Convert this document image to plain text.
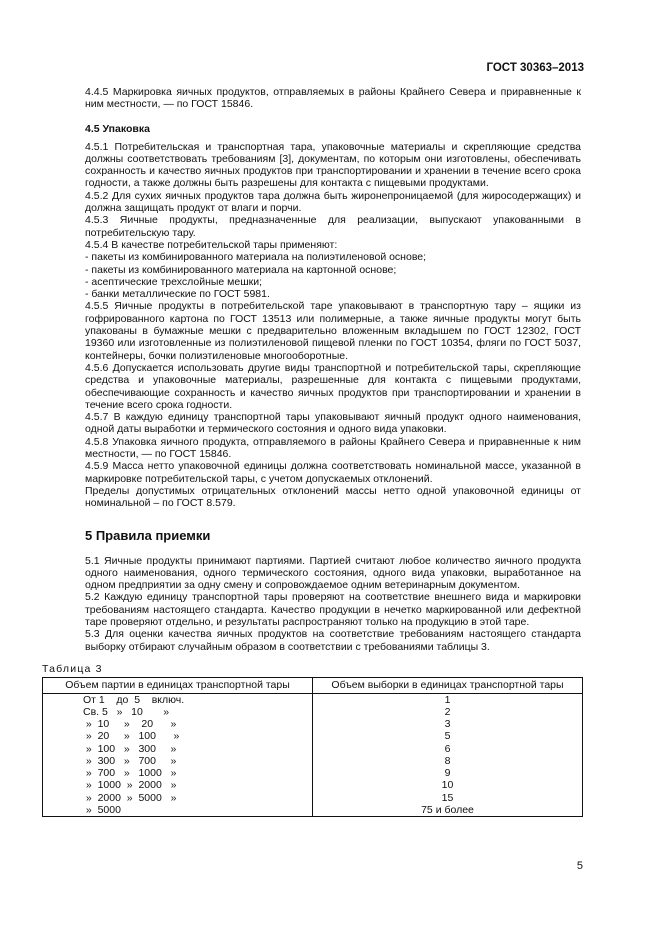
ГОСТ 30363–2013

4.4.5 Маркировка яичных продуктов, отправляемых в районы Крайнего Севера и приравненные к ним местности, — по ГОСТ 15846.

4.5 Упаковка

4.5.1 Потребительская и транспортная тара, упаковочные материалы и скрепляющие средства должны соответствовать требованиям [3], документам, по которым они изготовлены, обеспечивать сохранность и качество яичных продуктов при транспортировании и хранении в течение всего срока годности, а также должны быть разрешены для контакта с пищевыми продуктами.

4.5.2 Для сухих яичных продуктов тара должна быть жиронепроницаемой (для жиросодержащих) и должна защищать продукт от влаги и порчи.

4.5.3 Яичные продукты, предназначенные для реализации, выпускают упакованными в потребительскую тару.

4.5.4 В качестве потребительской тары применяют:

- пакеты из комбинированного материала на полиэтиленовой основе;

- пакеты из комбинированного материала на картонной основе;

- асептические трехслойные мешки;

- банки металлические по ГОСТ 5981.

4.5.5 Яичные продукты в потребительской таре упаковывают в транспортную тару – ящики из гофрированного картона по ГОСТ 13513 или полимерные, а также яичные продукты могут быть упакованы в бумажные мешки с предварительно вложенным вкладышем по ГОСТ 12302, ГОСТ 19360 или изготовленные из полиэтиленовой пищевой пленки по ГОСТ 10354, фляги по ГОСТ 5037, контейнеры, бочки полиэтиленовые многооборотные.

4.5.6 Допускается использовать другие виды транспортной и потребительской тары, скрепляющие средства и упаковочные материалы, разрешенные для контакта с пищевыми продуктами, обеспечивающие сохранность и качество яичных продуктов при транспортировании и хранении в течение всего срока годности.

4.5.7 В каждую единицу транспортной тары упаковывают яичный продукт одного наименования, одной даты выработки и термического состояния и одного вида упаковки.

4.5.8 Упаковка яичного продукта, отправляемого в районы Крайнего Севера и приравненные к ним местности, — по ГОСТ 15846.

4.5.9 Масса нетто упаковочной единицы должна соответствовать номинальной массе, указанной в маркировке потребительской тары, с учетом допускаемых отклонений.

Пределы допустимых отрицательных отклонений массы нетто одной упаковочной единицы от номинальной – по ГОСТ 8.579.

5 Правила приемки

5.1 Яичные продукты принимают партиями. Партией считают любое количество яичного продукта одного наименования, одного термического состояния, одного вида упаковки, выработанное на одном предприятии за одну смену и сопровождаемое одним ветеринарным документом.

5.2 Каждую единицу транспортной тары проверяют на соответствие внешнего вида и маркировки требованиям настоящего стандарта. Качество продукции в нечетко маркированной или дефектной таре проверяют отдельно, и результаты распространяют только на продукцию в этой таре.

5.3 Для оценки качества яичных продуктов на соответствие требованиям настоящего стандарта выборку отбирают случайным образом в соответствии с требованиями таблицы 3.

Таблица 3
Объем партии в единицах транспортной тары	Объем выборки в единицах транспортной тары
От 1    до  5    включ.	1
Св. 5   »   10       »	2
»  10     »    20      »	3
»  20     »   100      »	5
»  100   »   300     »	6
»  300   »   700     »	8
»  700   »   1000   »	9
»  1000  »  2000   »	10
»  2000  »  5000   »	15
»  5000	75 и более
5
